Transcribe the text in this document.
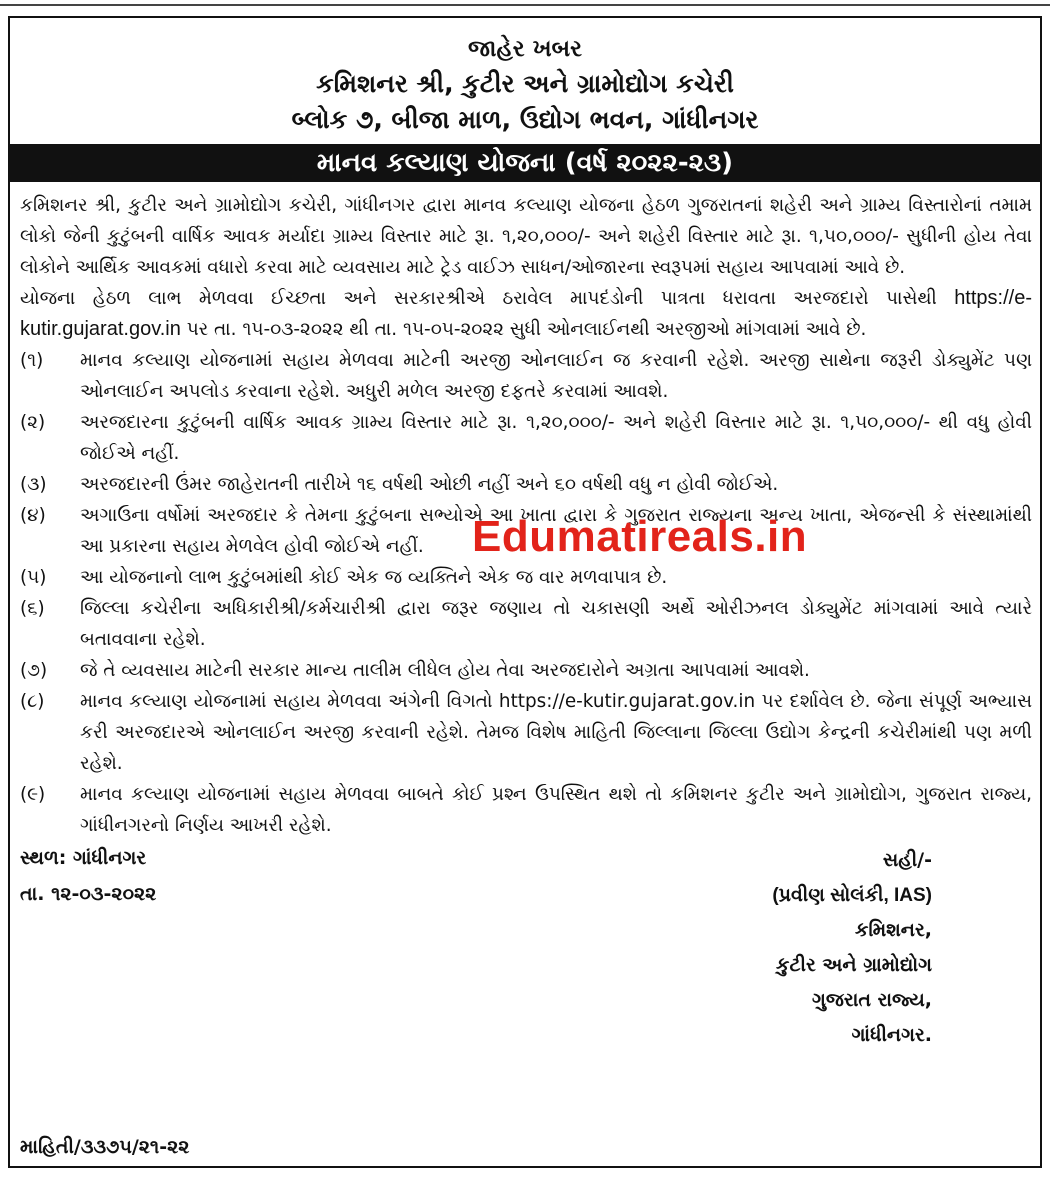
જાહેર ખબર
કમિશનર શ્રી, કુટીર અને ગ્રામોદ્યોગ કચેરી
બ્લોક ૭, બીજા માળ, ઉદ્યોગ ભવન, ગાંધીનગર
માનવ કલ્યાણ યોજના (વર્ષ ૨૦૨૨-૨૩)
કમિશનર શ્રી, કુટીર અને ગ્રામોદ્યોગ કચેરી, ગાંધીનગર દ્વારા માનવ કલ્યાણ યોજના હેઠળ ગુજરાતનાં શહેરી અને ગ્રામ્ય વિસ્તારોનાં તમામ લોકો જેની કુટુંબની વાર્ષિક આવક મર્યાદા ગ્રામ્ય વિસ્તાર માટે રૂા. ૧,૨૦,૦૦૦/- અને શહેરી વિસ્તાર માટે રૂા. ૧,૫૦,૦૦૦/- સુધીની હોય તેવા લોકોને આર્થિક આવકમાં વધારો કરવા માટે વ્યવસાય માટે ટ્રેડ વાઈઝ સાધન/ઓજારના સ્વરૂપમાં સહાય આપવામાં આવે છે.
યોજના હેઠળ લાભ મેળવવા ઈચ્છતા અને સરકારશ્રીએ ઠરાવેલ માપદંડોની પાત્રતા ધરાવતા અરજદારો પાસેથી https://e-kutir.gujarat.gov.in પર તા. ૧૫-૦૩-૨૦૨૨ થી તા. ૧૫-૦૫-૨૦૨૨ સુધી ઓનલાઈનથી અરજીઓ માંગવામાં આવે છે.
(૧)	માનવ કલ્યાણ યોજનામાં સહાય મેળવવા માટેની અરજી ઓનલાઈન જ કરવાની રહેશે. અરજી સાથેના જરૂરી ડોક્યુમેંટ પણ ઓનલાઈન અપલોડ કરવાના રહેશે. અધુરી મળેલ અરજી દફતરે કરવામાં આવશે.
(૨)	અરજદારના કુટુંબની વાર્ષિક આવક ગ્રામ્ય વિસ્તાર માટે રૂા. ૧,૨૦,૦૦૦/- અને શહેરી વિસ્તાર માટે રૂા. ૧,૫૦,૦૦૦/- થી વધુ હોવી જોઈએ નહીં.
(૩)	અરજદારની ઉંમર જાહેરાતની તારીખે ૧૬ વર્ષથી ઓછી નહીં અને ૬૦ વર્ષથી વધુ ન હોવી જોઈએ.
(૪)	અગાઉના વર્ષોમાં અરજદાર કે તેમના કુટુંબના સભ્યોએ આ ખાતા દ્વારા કે ગુજરાત રાજ્યના અન્ય ખાતા, એજન્સી કે સંસ્થામાંથી આ પ્રકારના સહાય મેળવેલ હોવી જોઈએ નહીં.
(૫)	આ યોજનાનો લાભ કુટુંબમાંથી કોઈ એક જ વ્યક્તિને એક જ વાર મળવાપાત્ર છે.
(૬)	જિલ્લા કચેરીના અધિકારીશ્રી/કર્મચારીશ્રી દ્વારા જરૂર જણાય તો ચકાસણી અર્થે ઓરીઝનલ ડોક્યુમેંટ માંગવામાં આવે ત્યારે બતાવવાના રહેશે.
(૭)	જે તે વ્યવસાય માટેની સરકાર માન્ય તાલીમ લીધેલ હોય તેવા અરજદારોને અગ્રતા આપવામાં આવશે.
(૮)	માનવ કલ્યાણ યોજનામાં સહાય મેળવવા અંગેની વિગતો https://e-kutir.gujarat.gov.in પર દર્શાવેલ છે. જેના સંપૂર્ણ અભ્યાસ કરી અરજદારએ ઓનલાઈન અરજી કરવાની રહેશે. તેમજ વિશેષ માહિતી જિલ્લાના જિલ્લા ઉદ્યોગ કેન્દ્રની કચેરીમાંથી પણ મળી રહેશે.
(૯)	માનવ કલ્યાણ યોજનામાં સહાય મેળવવા બાબતે કોઈ પ્રશ્ન ઉપસ્થિત થશે તો કમિશનર કુટીર અને ગ્રામોદ્યોગ, ગુજરાત રાજ્ય, ગાંધીનગરનો નિર્ણય આખરી રહેશે.
સ્થળ: ગાંધીનગર
તા. ૧૨-૦૩-૨૦૨૨
સહી/-
(પ્રવીણ સોલંકી, IAS)
કમિશનર,
કુટીર અને ગ્રામોદ્યોગ
ગુજરાત રાજ્ય,
ગાંધીનગર.
માહિતી/૩૩૭૫/૨૧-૨૨
Edumatireals.in
